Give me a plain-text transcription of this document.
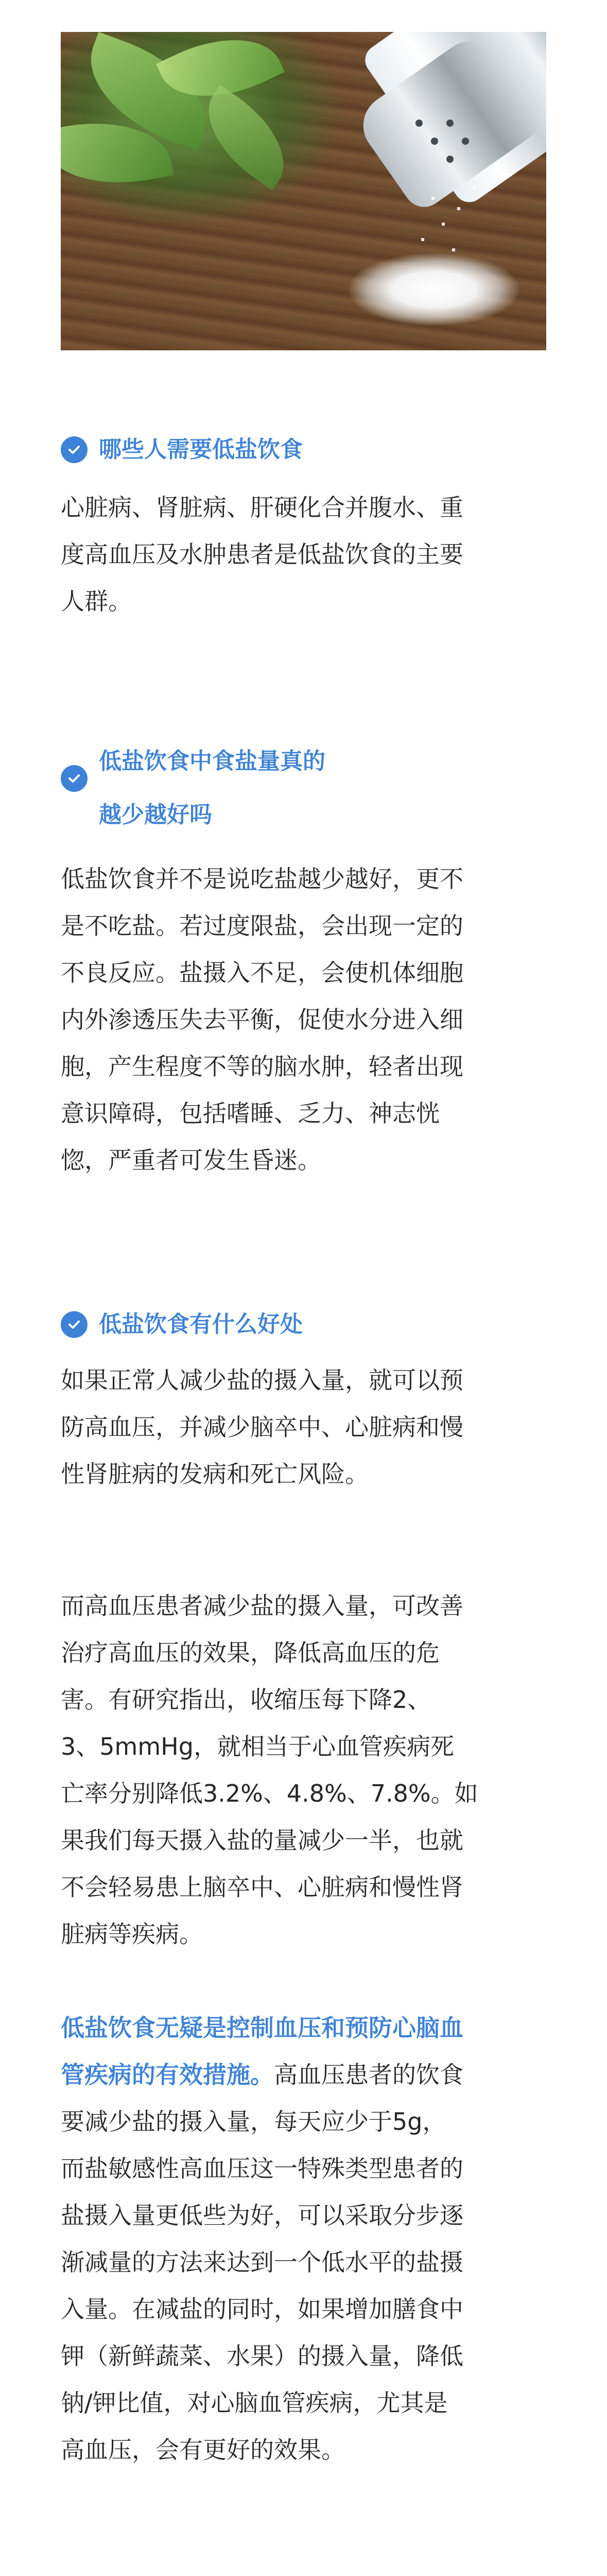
哪些人需要低盐饮食
心脏病、肾脏病、肝硬化合并腹水、重
度高血压及水肿患者是低盐饮食的主要
人群。
低盐饮食中食盐量真的
越少越好吗
低盐饮食并不是说吃盐越少越好，更不
是不吃盐。若过度限盐，会出现一定的
不良反应。盐摄入不足，会使机体细胞
内外渗透压失去平衡，促使水分进入细
胞，产生程度不等的脑水肿，轻者出现
意识障碍，包括嗜睡、乏力、神志恍
惚，严重者可发生昏迷。
低盐饮食有什么好处
如果正常人减少盐的摄入量，就可以预
防高血压，并减少脑卒中、心脏病和慢
性肾脏病的发病和死亡风险。
而高血压患者减少盐的摄入量，可改善
治疗高血压的效果，降低高血压的危
害。有研究指出，收缩压每下降2、
3、5mmHg，就相当于心血管疾病死
亡率分别降低3.2%、4.8%、7.8%。如
果我们每天摄入盐的量减少一半，也就
不会轻易患上脑卒中、心脏病和慢性肾
脏病等疾病。
低盐饮食无疑是控制血压和预防心脑血
管疾病的有效措施。高血压患者的饮食
要减少盐的摄入量，每天应少于5g，
而盐敏感性高血压这一特殊类型患者的
盐摄入量更低些为好，可以采取分步逐
渐减量的方法来达到一个低水平的盐摄
入量。在减盐的同时，如果增加膳食中
钾（新鲜蔬菜、水果）的摄入量，降低
钠/钾比值，对心脑血管疾病，尤其是
高血压，会有更好的效果。
